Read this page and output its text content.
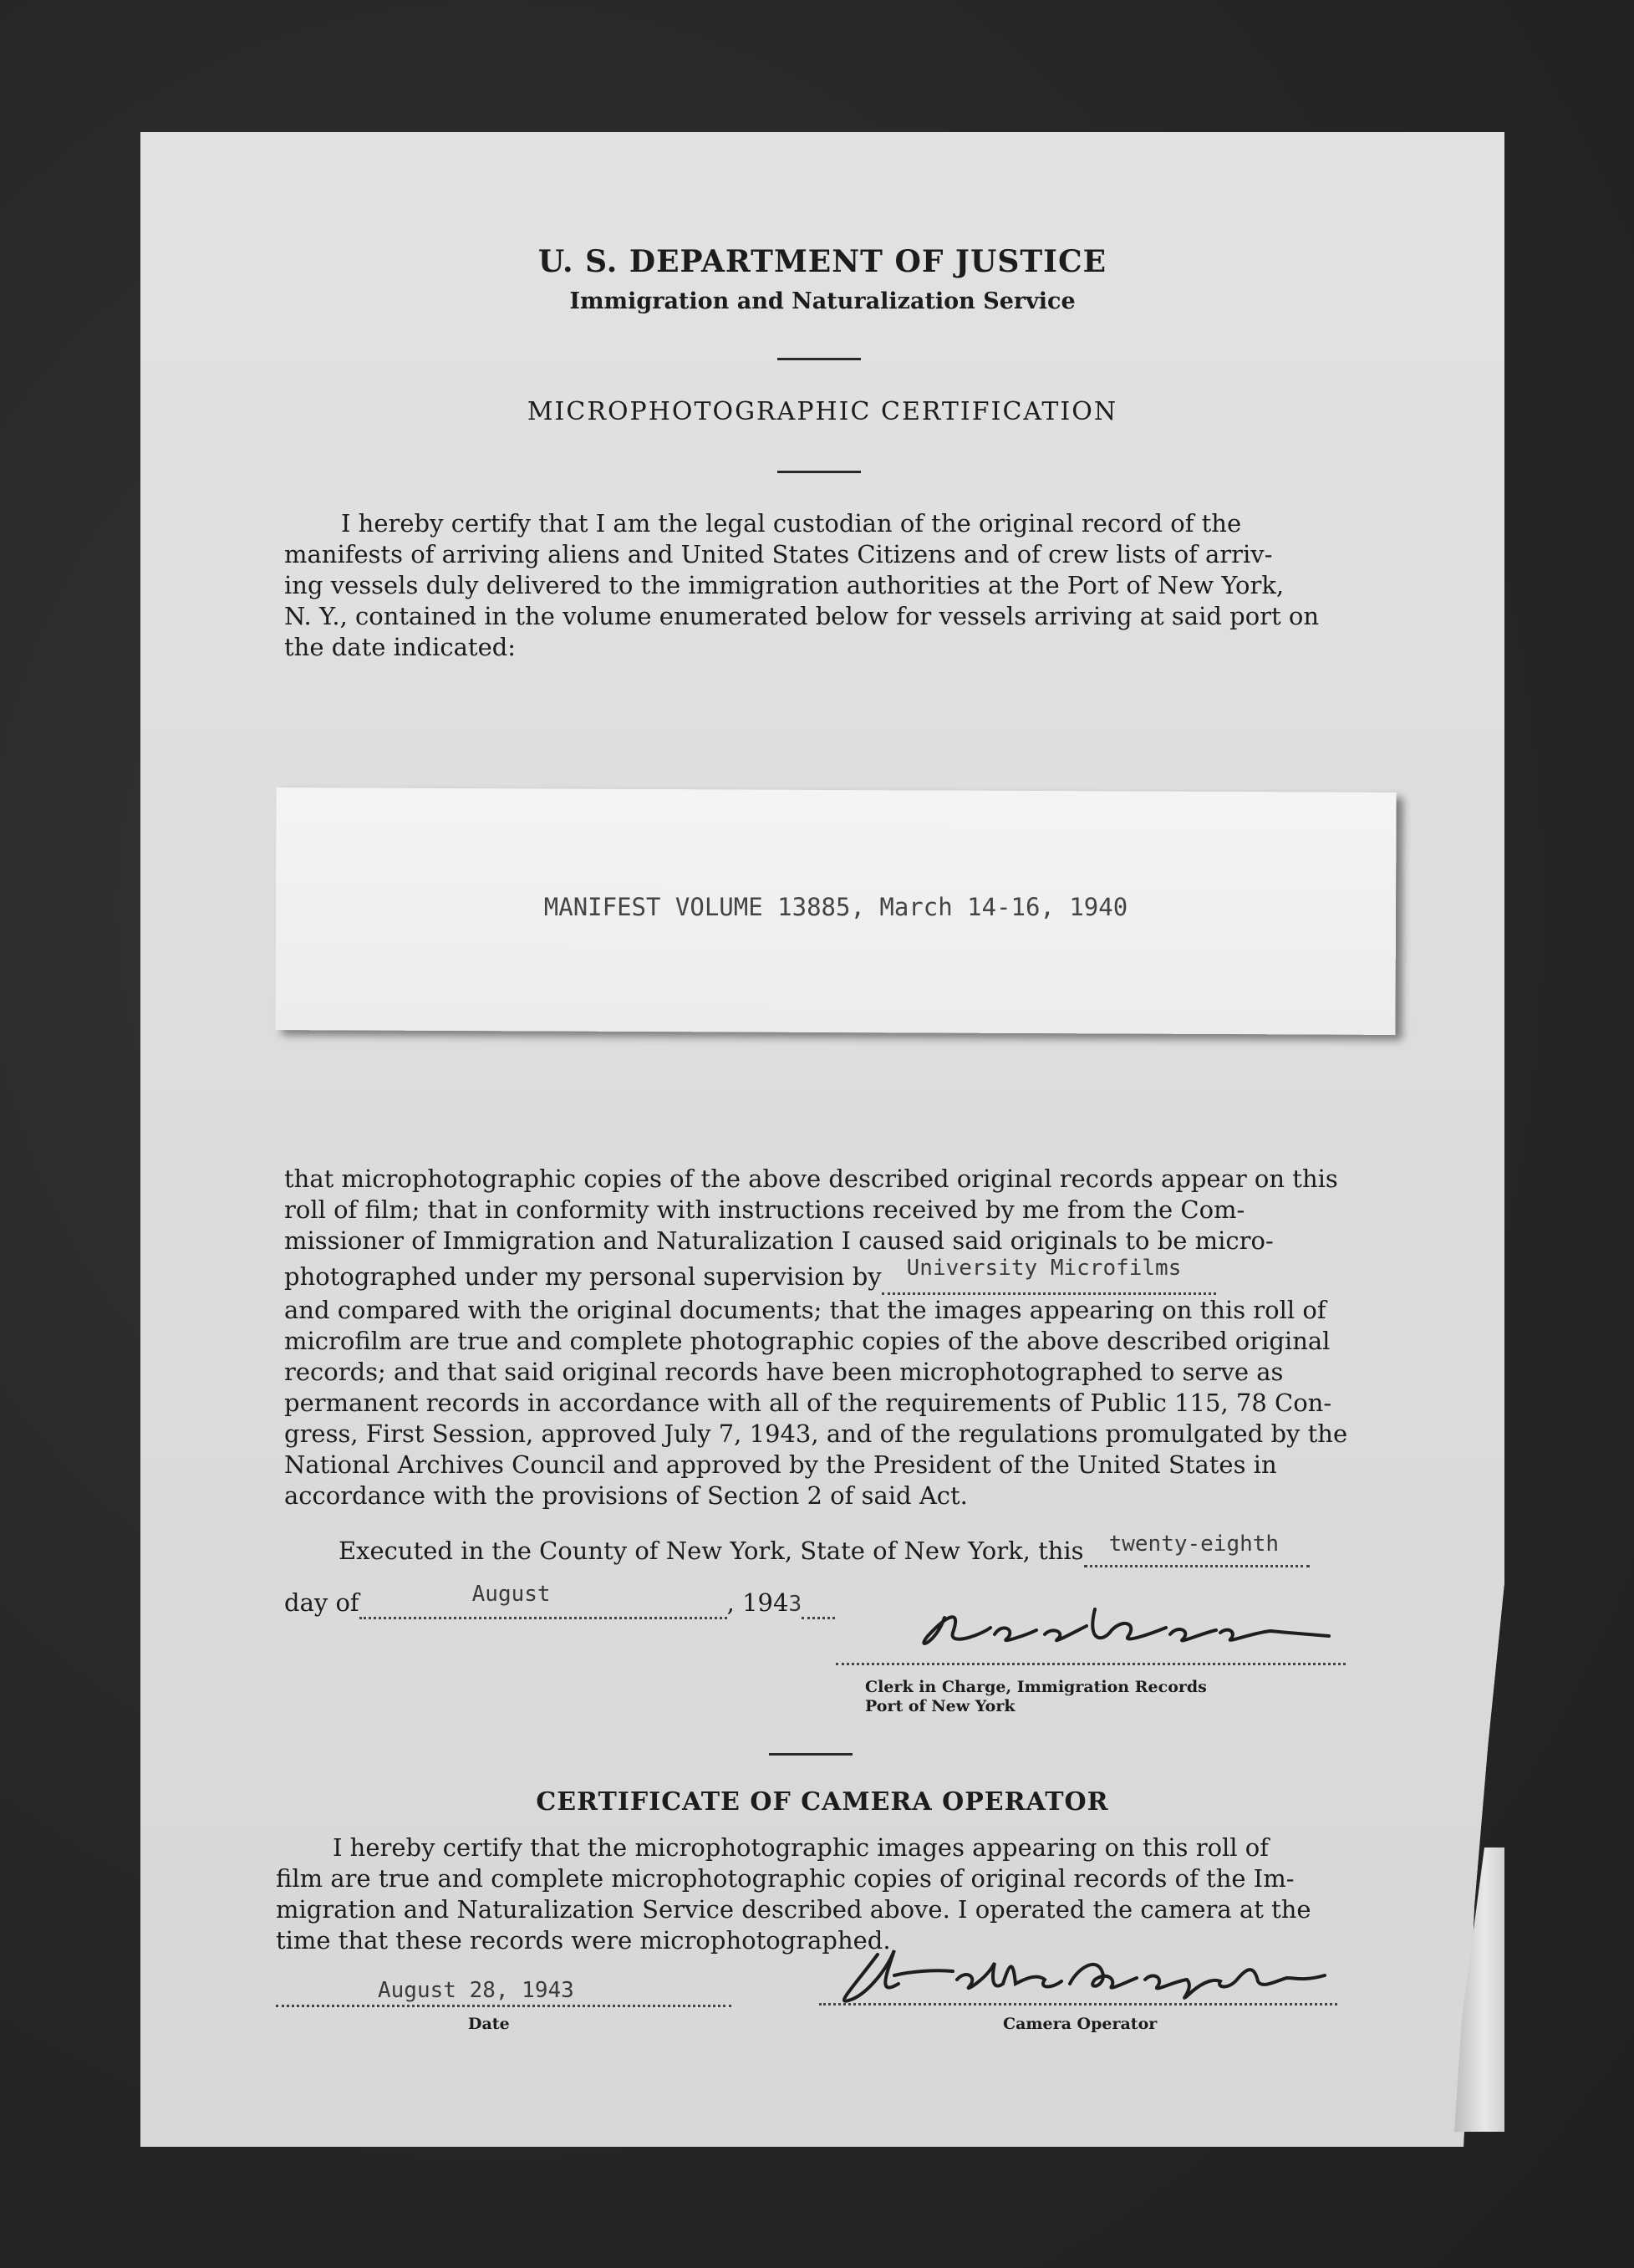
U. S. DEPARTMENT OF JUSTICE
Immigration and Naturalization Service
MICROPHOTOGRAPHIC CERTIFICATION

I hereby certify that I am the legal custodian of the original record of the

manifests of arriving aliens and United States Citizens and of crew lists of arriv-

ing vessels duly delivered to the immigration authorities at the Port of New York,

N. Y., contained in the volume enumerated below for vessels arriving at said port on

the date indicated:

MANIFEST VOLUME 13885, March 14-16, 1940

that microphotographic copies of the above described original records appear on this

roll of film; that in conformity with instructions received by me from the Com-

missioner of Immigration and Naturalization I caused said originals to be micro-

photographed under my personal supervision by University Microfilms

and compared with the original documents; that the images appearing on this roll of

microfilm are true and complete photographic copies of the above described original

records; and that said original records have been microphotographed to serve as

permanent records in accordance with all of the requirements of Public 115, 78 Con-

gress, First Session, approved July 7, 1943, and of the regulations promulgated by the

National Archives Council and approved by the President of the United States in

accordance with the provisions of Section 2 of said Act.

Executed in the County of New York, State of New York, this twenty-eighth

day of	August	, 1943
Clerk in Charge, Immigration Records
Port of New York
CERTIFICATE OF CAMERA OPERATOR

I hereby certify that the microphotographic images appearing on this roll of

film are true and complete microphotographic copies of original records of the Im-

migration and Naturalization Service described above. I operated the camera at the

time that these records were microphotographed.

August 28, 1943
Date	Camera Operator
